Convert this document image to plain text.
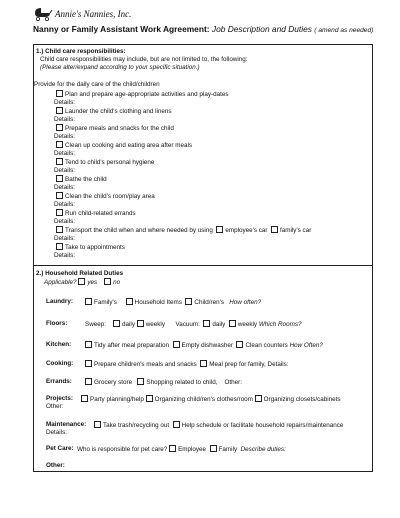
Annie's Nannies, Inc.
Nanny or Family Assistant Work Agreement: Job Description and Duties ( amend as needed)
1.) Child care responsibilities:
Child care responsibilities may include, but are not limited to, the following:
(Please alter/expand according to your specific situation.)
Provide for the daily care of the child/children
Plan and prepare age-appropriate activities and play-dates
Details:
Launder the child's clothing and linens
Details:
Prepare meals and snacks for the child
Details:
Clean up cooking and eating area after meals
Details:
Tend to child's personal hygiene
Details:
Bathe the child
Details:
Clean the child's room/play area
Details:
Run child-related errands
Details:
Transport the child when and where needed by using employee's car family's car
Details:
Take to appointments
Details:
2.) Household Related Duties
Applicable? yes	no
Laundry:	Family's	Household Items Child/ren's How often?
Floors:	Sweep:	daily weekly Vacuum: daily weekly Which Rooms?
Kitchen:	Tidy after meal preparation Empty dishwasher Clean counters How Often?
Cooking:	Prepare children's meals and snacks Meal prep for family, Details:
Errands:	Grocery store Shopping related to child, Other:
Projects:	Party planning/help Organizing child/ren's clothes/room Organizing closets/cabinets
Other:
Maintenance:	Take trash/recycling out Help schedule or facilitate household repairs/maintenance
Details:
Pet Care: Who is responsible for pet care? Employee Family Describe duties:
Other:
